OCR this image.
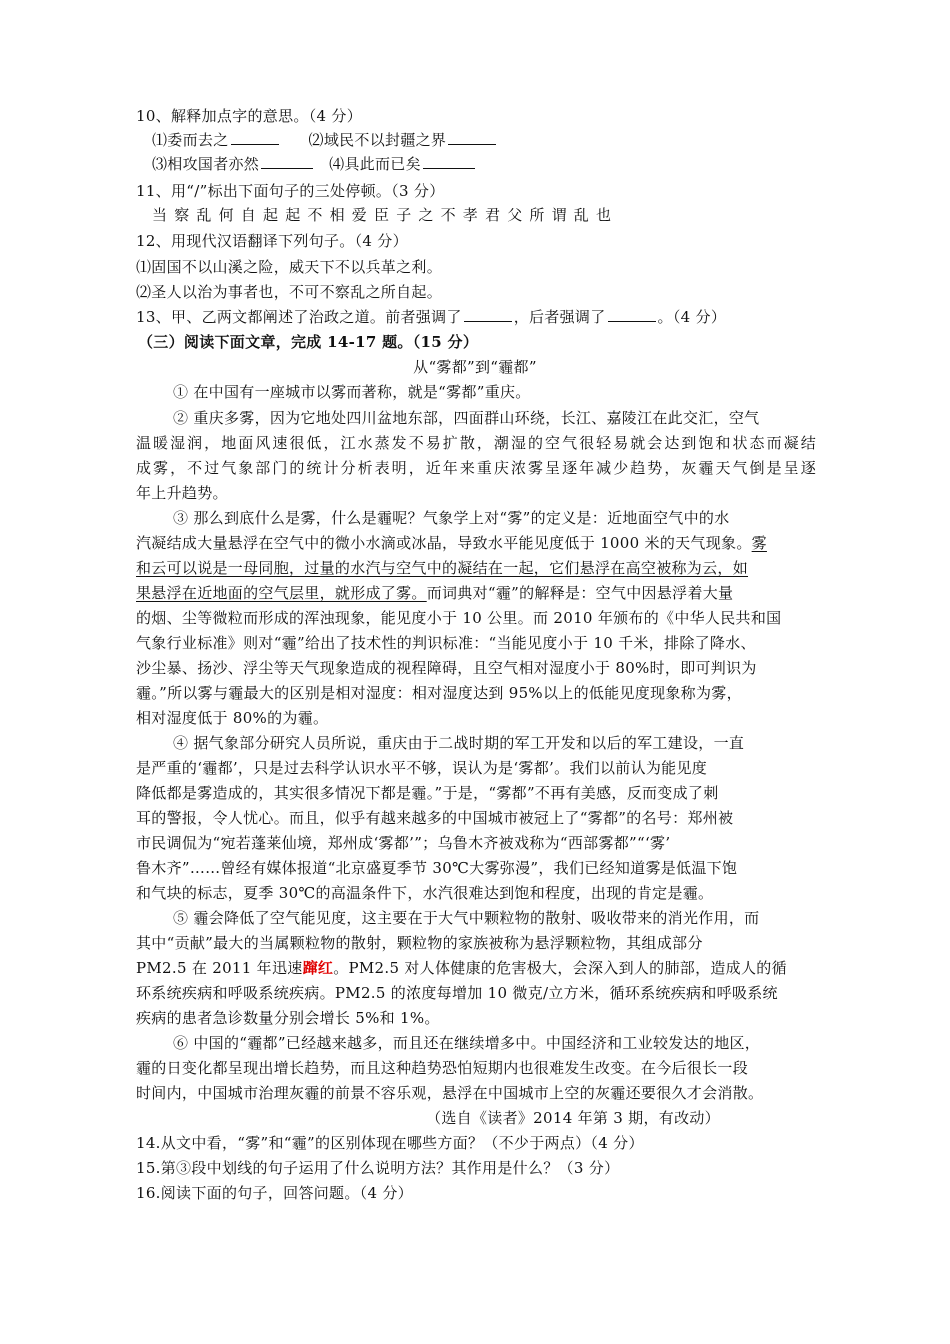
10、解释加点字的意思。（4 分）
⑴委而去之	⑵域民不以封疆之界
⑶相攻国者亦然	⑷具此而已矣
11、用“/”标出下面句子的三处停顿。（3 分）
当察乱何自起起不相爱臣子之不孝君父所谓乱也
12、用现代汉语翻译下列句子。（4 分）
⑴固国不以山溪之险，威天下不以兵革之利。
⑵圣人以治为事者也，不可不察乱之所自起。
13、甲、乙两文都阐述了治政之道。前者强调了	，后者强调了	。（4 分）
（三）阅读下面文章，完成 14-17 题。（15 分）
从“雾都”到“霾都”
① 在中国有一座城市以雾而著称，就是“雾都”重庆。
② 重庆多雾，因为它地处四川盆地东部，四面群山环绕，长江、嘉陵江在此交汇，空气
温暖湿润，地面风速很低，江水蒸发不易扩散，潮湿的空气很轻易就会达到饱和状态而凝结
成雾，不过气象部门的统计分析表明，近年来重庆浓雾呈逐年减少趋势，灰霾天气倒是呈逐
年上升趋势。
③ 那么到底什么是雾，什么是霾呢？气象学上对“雾”的定义是：近地面空气中的水
汽凝结成大量悬浮在空气中的微小水滴或冰晶，导致水平能见度低于 1000 米的天气现象。雾
和云可以说是一母同胞，过量的水汽与空气中的凝结在一起，它们悬浮在高空被称为云，如
果悬浮在近地面的空气层里，就形成了雾。而词典对“霾”的解释是：空气中因悬浮着大量
的烟、尘等微粒而形成的浑浊现象，能见度小于 10 公里。而 2010 年颁布的《中华人民共和国
气象行业标准》则对“霾”给出了技术性的判识标准：“当能见度小于 10 千米，排除了降水、
沙尘暴、扬沙、浮尘等天气现象造成的视程障碍，且空气相对湿度小于 80%时，即可判识为
霾。”所以雾与霾最大的区别是相对湿度：相对湿度达到 95%以上的低能见度现象称为雾，
相对湿度低于 80%的为霾。
④ 据气象部分研究人员所说，重庆由于二战时期的军工开发和以后的军工建设，一直
是严重的‘霾都’，只是过去科学认识水平不够，误认为是‘雾都’。我们以前认为能见度
降低都是雾造成的，其实很多情况下都是霾。”于是，“雾都”不再有美感，反而变成了刺
耳的警报，令人忧心。而且，似乎有越来越多的中国城市被冠上了“雾都”的名号：郑州被
市民调侃为“宛若蓬莱仙境，郑州成‘雾都’”；乌鲁木齐被戏称为“西部雾都”“‘雾’
鲁木齐”……曾经有媒体报道“北京盛夏季节 30℃大雾弥漫”，我们已经知道雾是低温下饱
和气块的标志，夏季 30℃的高温条件下，水汽很难达到饱和程度，出现的肯定是霾。
⑤ 霾会降低了空气能见度，这主要在于大气中颗粒物的散射、吸收带来的消光作用，而
其中“贡献”最大的当属颗粒物的散射，颗粒物的家族被称为悬浮颗粒物，其组成部分
PM2.5 在 2011 年迅速蹿红。PM2.5 对人体健康的危害极大，会深入到人的肺部，造成人的循
环系统疾病和呼吸系统疾病。PM2.5 的浓度每增加 10 微克/立方米，循环系统疾病和呼吸系统
疾病的患者急诊数量分别会增长 5%和 1%。
⑥ 中国的“霾都”已经越来越多，而且还在继续增多中。中国经济和工业较发达的地区，
霾的日变化都呈现出增长趋势，而且这种趋势恐怕短期内也很难发生改变。在今后很长一段
时间内，中国城市治理灰霾的前景不容乐观，悬浮在中国城市上空的灰霾还要很久才会消散。
（选自《读者》2014 年第 3 期，有改动）
14.从文中看，“雾”和“霾”的区别体现在哪些方面？（不少于两点）（4 分）
15.第③段中划线的句子运用了什么说明方法？其作用是什么？（3 分）
16.阅读下面的句子，回答问题。（4 分）
